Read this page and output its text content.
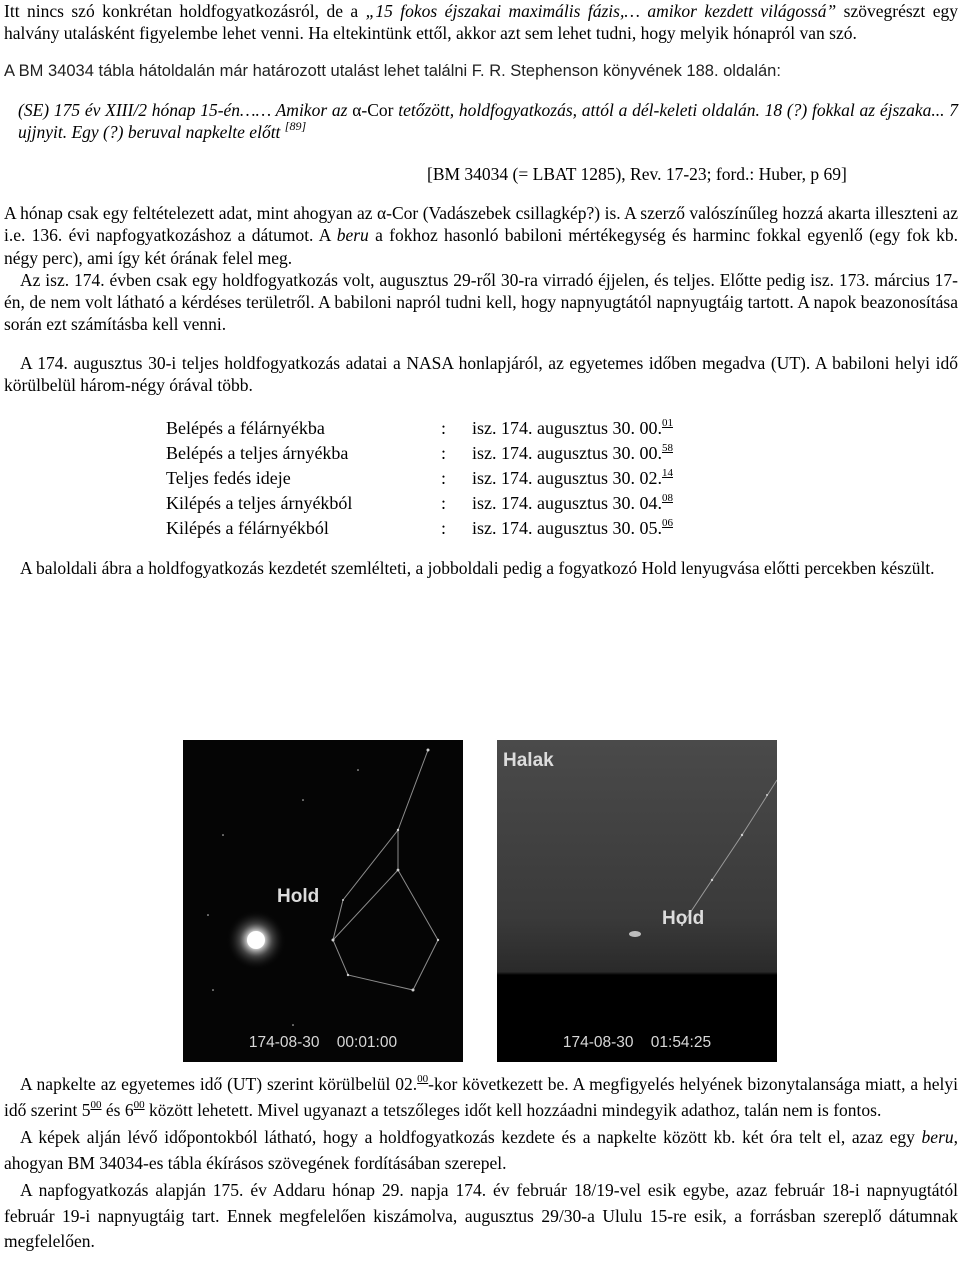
Itt nincs szó konkrétan holdfogyatkozásról, de a „15 fokos éjszakai maximális fázis,… amikor kezdett világossá” szövegrészt egy halvány utalásként figyelembe lehet venni. Ha eltekintünk ettől, akkor azt sem lehet tudni, hogy melyik hónapról van szó.

A BM 34034 tábla hátoldalán már határozott utalást lehet találni F. R. Stephenson könyvének 188. oldalán:

(SE) 175 év XIII/2 hónap 15-én…… Amikor az α-Cor tetőzött, holdfogyatkozás, attól a dél-keleti oldalán. 18 (?) fokkal az éjszaka... 7 ujjnyit. Egy (?) beruval napkelte előtt [89]

[BM 34034 (= LBAT 1285), Rev. 17-23; ford.: Huber, p 69]

A hónap csak egy feltételezett adat, mint ahogyan az α-Cor (Vadászebek csillagkép?) is. A szerző valószínűleg hozzá akarta illeszteni az i.e. 136. évi napfogyatkozáshoz a dátumot. A beru a fokhoz hasonló babiloni mértékegység és harminc fokkal egyenlő (egy fok kb. négy perc), ami így két órának felel meg.

Az isz. 174. évben csak egy holdfogyatkozás volt, augusztus 29-ről 30-ra virradó éjjelen, és teljes. Előtte pedig isz. 173. március 17-én, de nem volt látható a kérdéses területről. A babiloni napról tudni kell, hogy napnyugtától napnyugtáig tartott. A napok beazonosítása során ezt számításba kell venni.

A 174. augusztus 30-i teljes holdfogyatkozás adatai a NASA honlapjáról, az egyetemes időben megadva (UT). A babiloni helyi idő körülbelül három-négy órával több.

Belépés a félárnyékba	:	isz. 174. augusztus 30. 00.01
Belépés a teljes árnyékba	:	isz. 174. augusztus 30. 00.58
Teljes fedés ideje	:	isz. 174. augusztus 30. 02.14
Kilépés a teljes árnyékból	:	isz. 174. augusztus 30. 04.08
Kilépés a félárnyékból	:	isz. 174. augusztus 30. 05.06

A baloldali ábra a holdfogyatkozás kezdetét szemlélteti, a jobboldali pedig a fogyatkozó Hold lenyugvása előtti percekben készült.

Hold
174-08-30    00:01:00
Halak
Hold
174-08-30    01:54:25

A napkelte az egyetemes idő (UT) szerint körülbelül 02.00-kor következett be. A megfigyelés helyének bizonytalansága miatt, a helyi idő szerint $5^{00}$ és $6^{00}$ között lehetett. Mivel ugyanazt a tetszőleges időt kell hozzáadni mindegyik adathoz, talán nem is fontos.

A képek alján lévő időpontokból látható, hogy a holdfogyatkozás kezdete és a napkelte között kb. két óra telt el, azaz egy beru, ahogyan BM 34034-es tábla ékírásos szövegének fordításában szerepel.

A napfogyatkozás alapján 175. év Addaru hónap 29. napja 174. év február 18/19-vel esik egybe, azaz február 18-i napnyugtától február 19-i napnyugtáig tart. Ennek megfelelően kiszámolva, augusztus 29/30-a Ululu 15-re esik, a forrásban szereplő dátumnak megfelelően.
